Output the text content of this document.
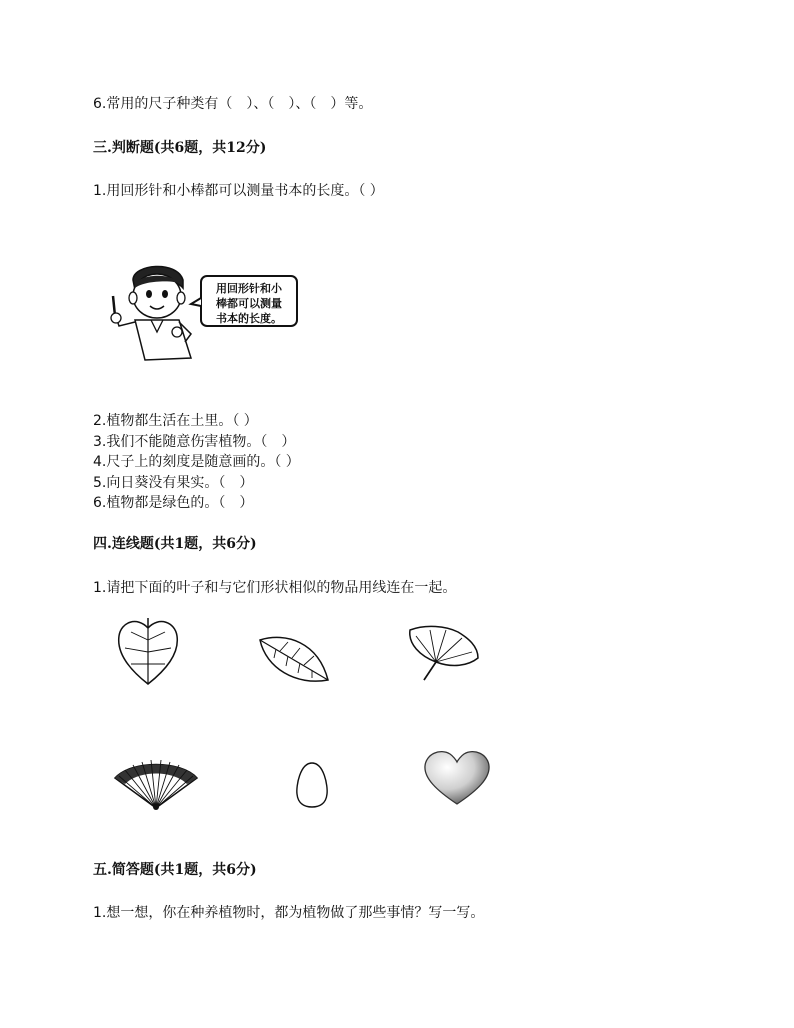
6.常用的尺子种类有（　）、（　）、（　）等。
三.判断题(共6题，共12分)
1.用回形针和小棒都可以测量书本的长度。（ ）
用回形针和小
棒都可以测量
书本的长度。
2.植物都生活在土里。（ ）
3.我们不能随意伤害植物。（　）
4.尺子上的刻度是随意画的。（ ）
5.向日葵没有果实。（　）
6.植物都是绿色的。（　）
四.连线题(共1题，共6分)
1.请把下面的叶子和与它们形状相似的物品用线连在一起。
五.简答题(共1题，共6分)
1.想一想，你在种养植物时，都为植物做了那些事情？写一写。
